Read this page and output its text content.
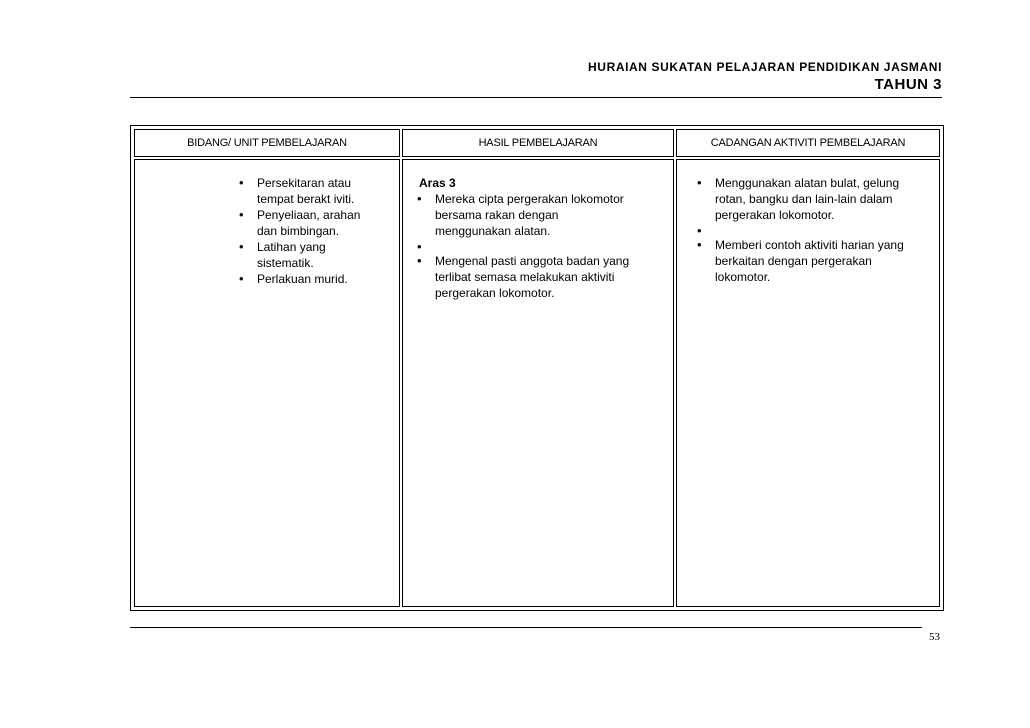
HURAIAN SUKATAN PELAJARAN PENDIDIKAN JASMANI
TAHUN 3
BIDANG/ UNIT PEMBELAJARAN	HASIL PEMBELAJARAN	CADANGAN AKTIVITI PEMBELAJARAN
• Persekitaran atau
tempat berakt iviti.
• Penyeliaan, arahan
dan bimbingan.
• Latihan yang
sistematik.
• Perlakuan murid.
Aras 3
• Mereka cipta pergerakan lokomotor
bersama rakan dengan
menggunakan alatan.
•
• Mengenal pasti anggota badan yang
terlibat semasa melakukan aktiviti
pergerakan lokomotor.
• Menggunakan alatan bulat, gelung
rotan, bangku dan lain-lain dalam
pergerakan lokomotor.
•
• Memberi contoh aktiviti harian yang
berkaitan dengan pergerakan
lokomotor.
53
